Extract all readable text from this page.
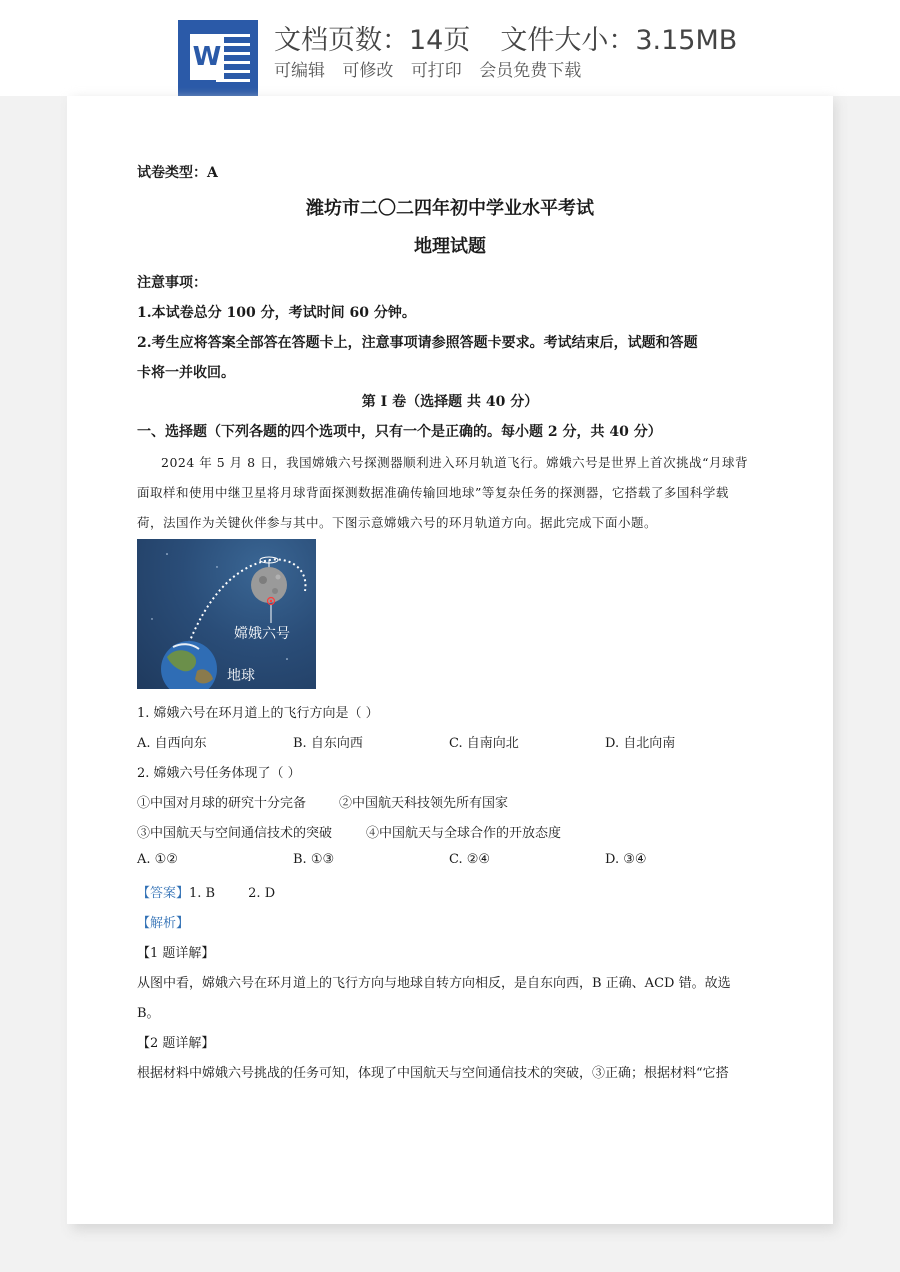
W
文档页数：14页 文件大小：3.15MB
可编辑 可修改 可打印 会员免费下载
试卷类型：A
潍坊市二〇二四年初中学业水平考试
地理试题
注意事项：
1.本试卷总分 100 分，考试时间 60 分钟。
2.考生应将答案全部答在答题卡上，注意事项请参照答题卡要求。考试结束后，试题和答题
卡将一并收回。
第 I 卷（选择题 共 40 分）
一、选择题（下列各题的四个选项中，只有一个是正确的。每小题 2 分，共 40 分）
2024 年 5 月 8 日，我国嫦娥六号探测器顺利进入环月轨道飞行。嫦娥六号是世界上首次挑战“月球背
面取样和使用中继卫星将月球背面探测数据准确传输回地球”等复杂任务的探测器，它搭载了多国科学载
荷，法国作为关键伙伴参与其中。下图示意嫦娥六号的环月轨道方向。据此完成下面小题。
嫦娥六号
地球
1. 嫦娥六号在环月道上的飞行方向是（ ）
A. 自西向东	B. 自东向西	C. 自南向北	D. 自北向南
2. 嫦娥六号任务体现了（ ）
①中国对月球的研究十分完备	②中国航天科技领先所有国家
③中国航天与空间通信技术的突破	④中国航天与全球合作的开放态度
A. ①②	B. ①③	C. ②④	D. ③④
【答案】1. B        2. D
【解析】
【1 题详解】
从图中看，嫦娥六号在环月道上的飞行方向与地球自转方向相反，是自东向西，B 正确、ACD 错。故选
B。
【2 题详解】
根据材料中嫦娥六号挑战的任务可知，体现了中国航天与空间通信技术的突破，③正确；根据材料“它搭
